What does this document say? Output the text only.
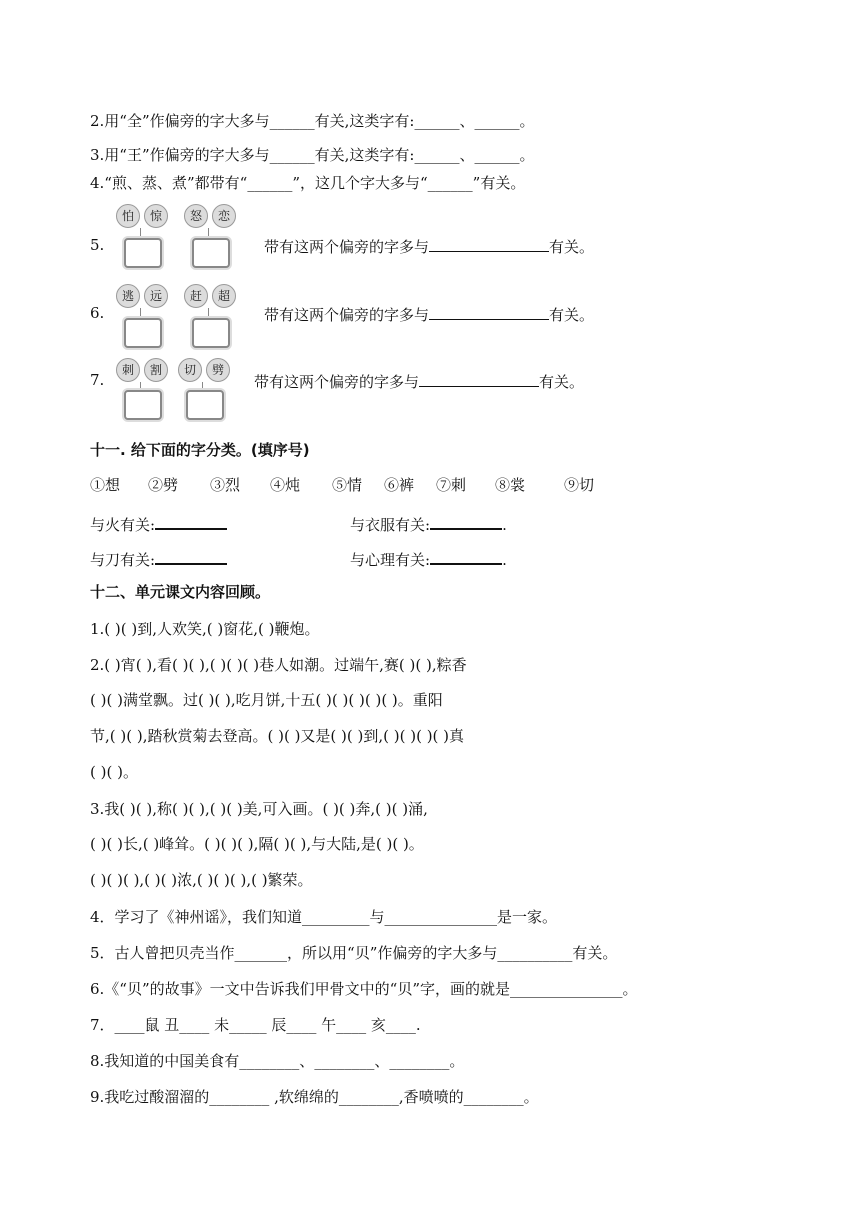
2.用“全”作偏旁的字大多与______有关,这类字有:______、______。
3.用“王”作偏旁的字大多与______有关,这类字有:______、______。
4.“煎、蒸、煮”都带有“______”，这几个字大多与“______”有关。
5.
怕	惊	怒	恋
带有这两个偏旁的字多与	有关。
6.
逃	远	赶	超
带有这两个偏旁的字多与	有关。
7.
刺	割	切	劈
带有这两个偏旁的字多与	有关。
十一. 给下面的字分类。(填序号)
①想 ②劈 ③烈 ④炖 ⑤情 ⑥裤 ⑦刺 ⑧裳	⑨切
与火有关:	与衣服有关:	.
与刀有关:	与心理有关:	.
十二、单元课文内容回顾。
1.( )( )到,人欢笑,( )窗花,( )鞭炮。
2.( )宵( ),看( )( ),( )( )( )巷人如潮。过端午,赛( )( ),粽香
( )( )满堂飘。过( )( ),吃月饼,十五( )( )( )( )( )。重阳
节,( )( ),踏秋赏菊去登高。( )( )又是( )( )到,( )( )( )( )真
( )( )。
3.我( )( ),称( )( ),( )( )美,可入画。( )( )奔,( )( )涌,
( )( )长,( )峰耸。( )( )( ),隔( )( ),与大陆,是( )( )。
( )( )( ),( )( )浓,( )( )( ),( )繁荣。
4．学习了《神州谣》，我们知道_________与_______________是一家。
5．古人曾把贝壳当作_______，所以用“贝”作偏旁的字大多与__________有关。
6.《“贝”的故事》一文中告诉我们甲骨文中的“贝”字，画的就是_______________。
7．____鼠 丑____ 未_____ 辰____ 午____ 亥____.
8.我知道的中国美食有________、________、________。
9.我吃过酸溜溜的________ ,软绵绵的________,香喷喷的________。
